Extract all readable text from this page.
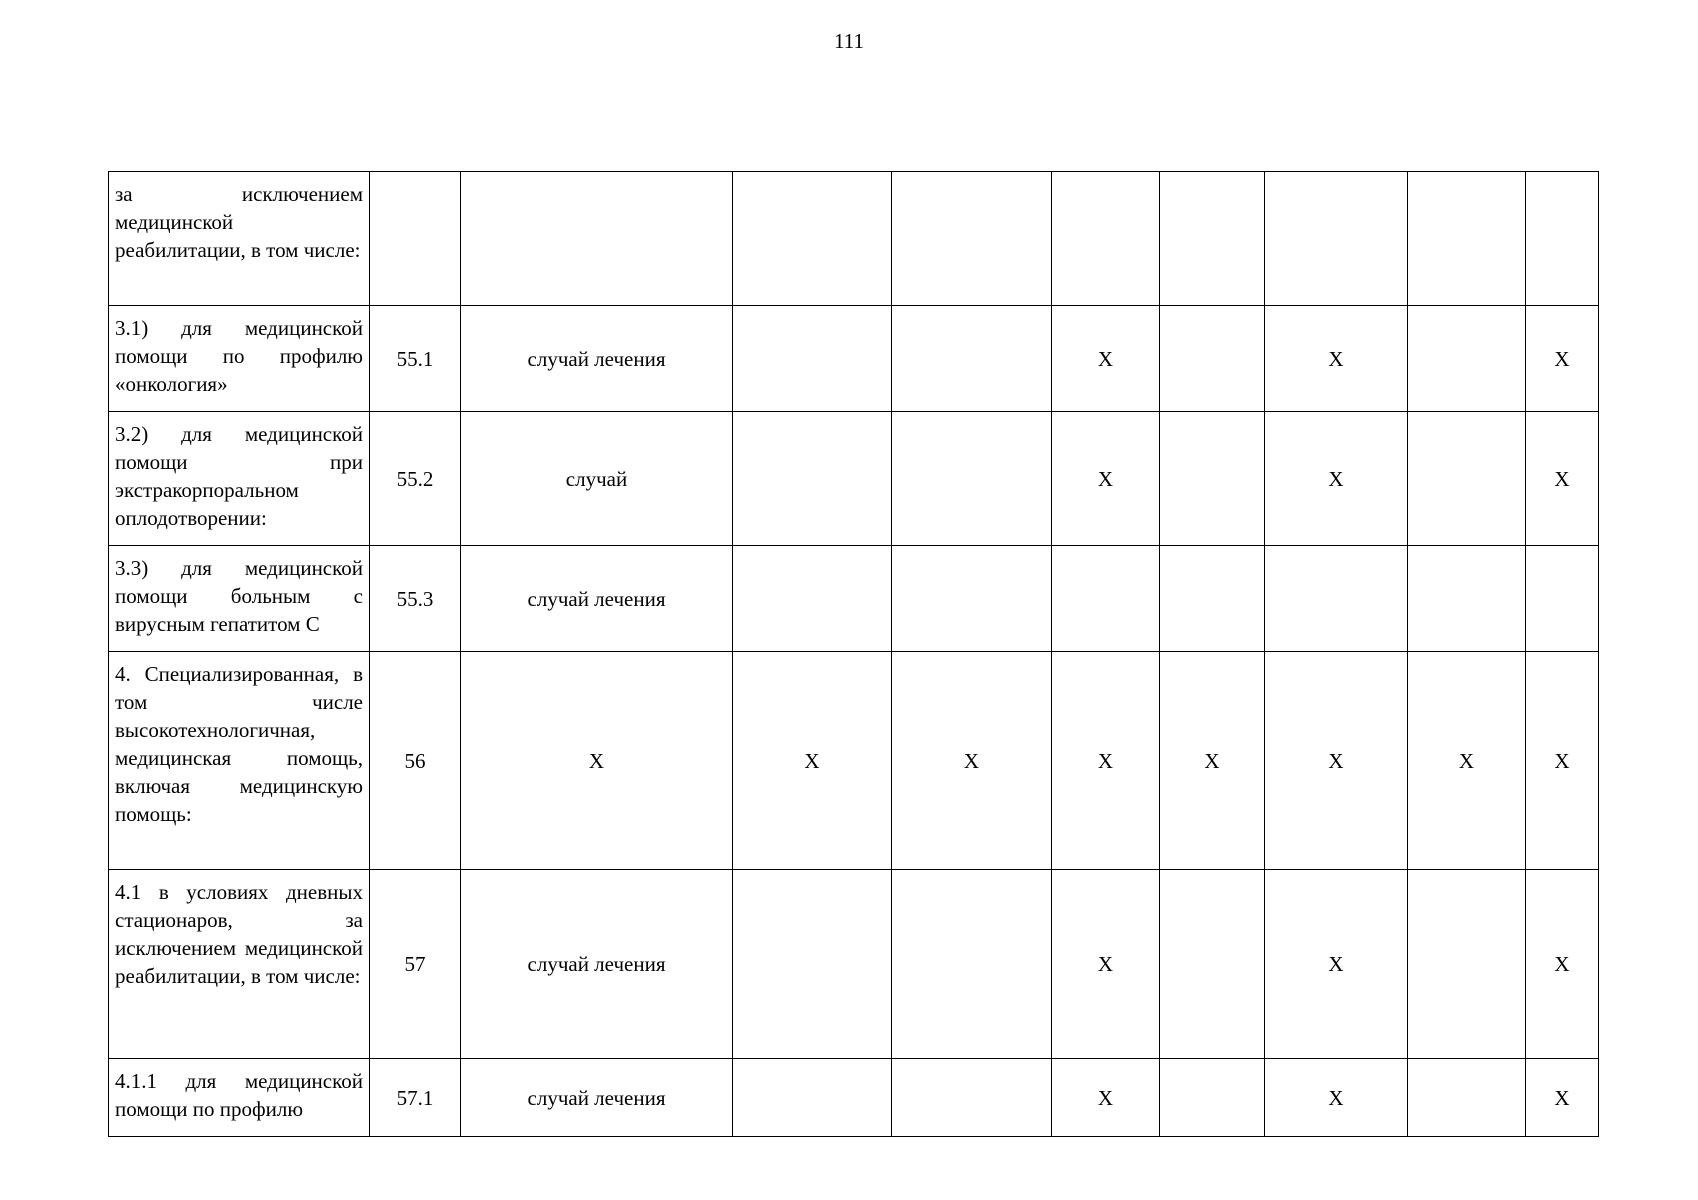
111
за исключением медицинской реабилитации, в том числе:									

3.1) для медицинской помощи по профилю «онкология»	55.1	случай лечения			X		X		X

3.2) для медицинской помощи при экстракорпоральном оплодотворении:	55.2	случай			X		X		X

3.3) для медицинской помощи больным с вирусным гепатитом С	55.3	случай лечения							

4. Специализированная, в том числе высокотехнологичная, медицинская помощь, включая медицинскую помощь:	56	X	X	X	X	X	X	X	X

4.1 в условиях дневных стационаров, за исключением медицинской реабилитации, в том числе:	57	случай лечения			X		X		X

4.1.1 для медицинской помощи по профилю	57.1	случай лечения			X		X		X
